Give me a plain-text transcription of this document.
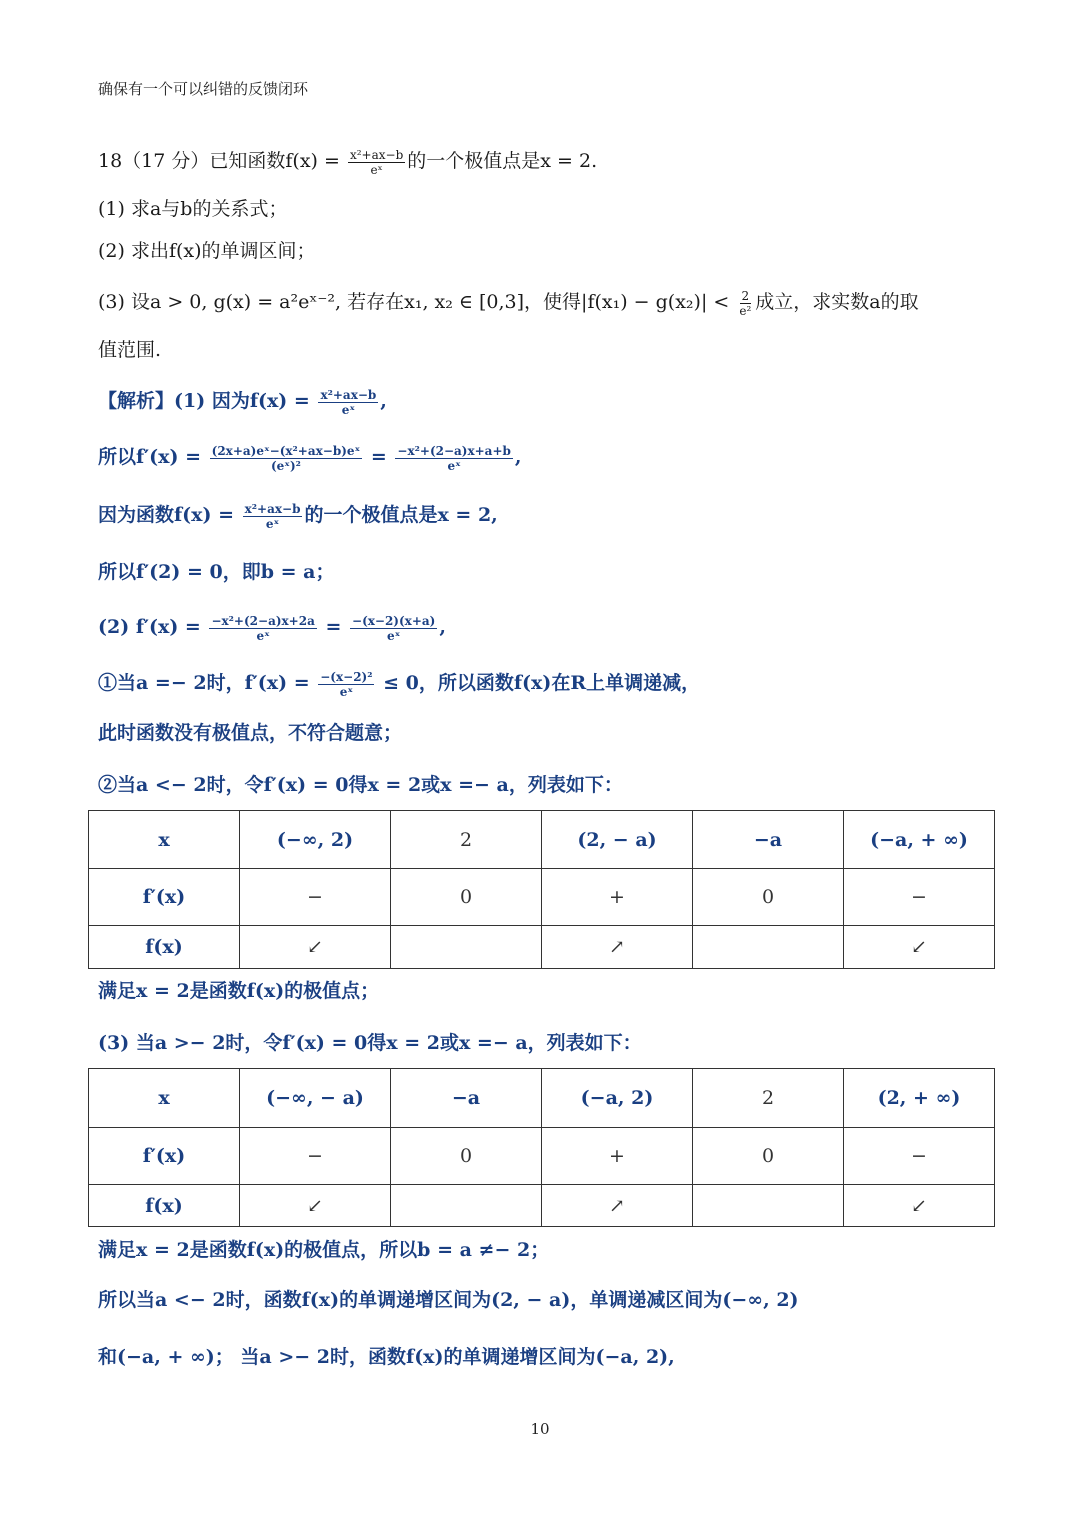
确保有一个可以纠错的反馈闭环
18（17 分）已知函数$f(x) = \frac{\text{x²+ax−b}}{\text{eˣ}}$ 的一个极值点是x = 2.
(1) 求a与b的关系式；
(2) 求出f(x)的单调区间；
(3) 设a > 0, g(x) = a²eˣ⁻², 若存在x₁, x₂ ∈ [0,3]，使得$|f(x_1) - g(x_2)| < \frac{2}{\text{e²}}$ 成立，求实数a的取
值范围.
【解析】(1) 因为$f(x) = \frac{\text{x²+ax−b}}{\text{eˣ}}$ ,
所以$f'(x) = \frac{\text{(2x+a)eˣ−(x²+ax−b)eˣ}}{\text{(eˣ)²}} = \frac{\text{−x²+(2−a)x+a+b}}{\text{eˣ}}$ ,
因为函数$f(x) = \frac{\text{x²+ax−b}}{\text{eˣ}}$ 的一个极值点是x = 2,
所以f′(2) = 0，即b = a；
(2) $f'(x) = \frac{\text{−x²+(2−a)x+2a}}{\text{eˣ}} = \frac{-(x-2)(x+a)}{\text{eˣ}}$ ,
①当a =− 2时，$f'(x) = \frac{\text{−(x−2)²}}{\text{eˣ}} \le 0$，所以函数f(x)在R上单调递减，
此时函数没有极值点，不符合题意；
②当a <− 2时，令f′(x) = 0得x = 2或x =− a，列表如下：
x	(−∞, 2)	2	(2, − a)	−a	(−a, + ∞)
f′(x)	−	0	+	0	−
f(x)	↙		↗		↙
满足x = 2是函数f(x)的极值点；
(3) 当a >− 2时，令f′(x) = 0得x = 2或x =− a，列表如下：
x	(−∞, − a)	−a	(−a, 2)	2	(2, + ∞)
f′(x)	−	0	+	0	−
f(x)	↙		↗		↙
满足x = 2是函数f(x)的极值点，所以b = a ≠− 2；
所以当a <− 2时，函数f(x)的单调递增区间为(2, − a)，单调递减区间为(−∞, 2)
和(−a, + ∞)； 当a >− 2时，函数f(x)的单调递增区间为(−a, 2),
10
